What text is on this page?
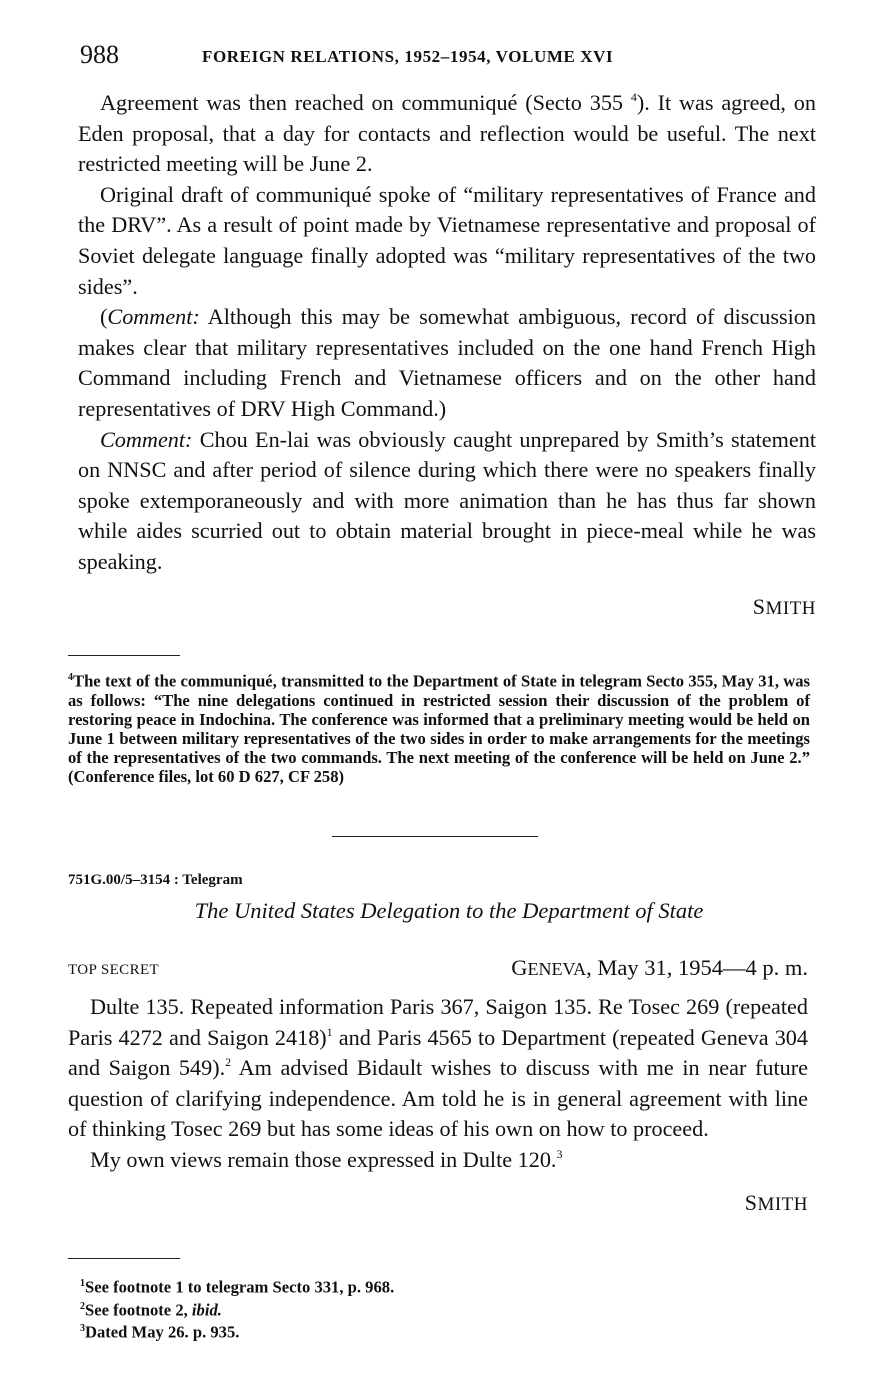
988	FOREIGN RELATIONS, 1952–1954, VOLUME XVI

Agreement was then reached on communiqué (Secto 355 $^4$). It was agreed, on Eden proposal, that a day for contacts and reflection would be useful. The next restricted meeting will be June 2.

Original draft of communiqué spoke of “military representatives of France and the DRV”. As a result of point made by Vietnamese representative and proposal of Soviet delegate language finally adopted was “military representatives of the two sides”.

(Comment: Although this may be somewhat ambiguous, record of discussion makes clear that military representatives included on the one hand French High Command including French and Vietnamese officers and on the other hand representatives of DRV High Command.)

Comment: Chou En-lai was obviously caught unprepared by Smith’s statement on NNSC and after period of silence during which there were no speakers finally spoke extemporaneously and with more animation than he has thus far shown while aides scurried out to obtain material brought in piece-meal while he was speaking.

SMITH

$^4$The text of the communiqué, transmitted to the Department of State in telegram Secto 355, May 31, was as follows: “The nine delegations continued in restricted session their discussion of the problem of restoring peace in Indochina. The conference was informed that a preliminary meeting would be held on June 1 between military representatives of the two sides in order to make arrangements for the meetings of the representatives of the two commands. The next meeting of the conference will be held on June 2.” (Conference files, lot 60 D 627, CF 258)

751G.00/5–3154 : Telegram
The United States Delegation to the Department of State
TOP SECRET	GENEVA, May 31, 1954—4 p. m.

Dulte 135. Repeated information Paris 367, Saigon 135. Re Tosec 269 (repeated Paris 4272 and Saigon 2418)$^1$ and Paris 4565 to Department (repeated Geneva 304 and Saigon 549).$^2$ Am advised Bidault wishes to discuss with me in near future question of clarifying independence. Am told he is in general agreement with line of thinking Tosec 269 but has some ideas of his own on how to proceed.

My own views remain those expressed in Dulte 120.$^3$

SMITH

$^1$See footnote 1 to telegram Secto 331, p. 968.

$^2$See footnote 2, ibid.

$^3$Dated May 26. p. 935.
